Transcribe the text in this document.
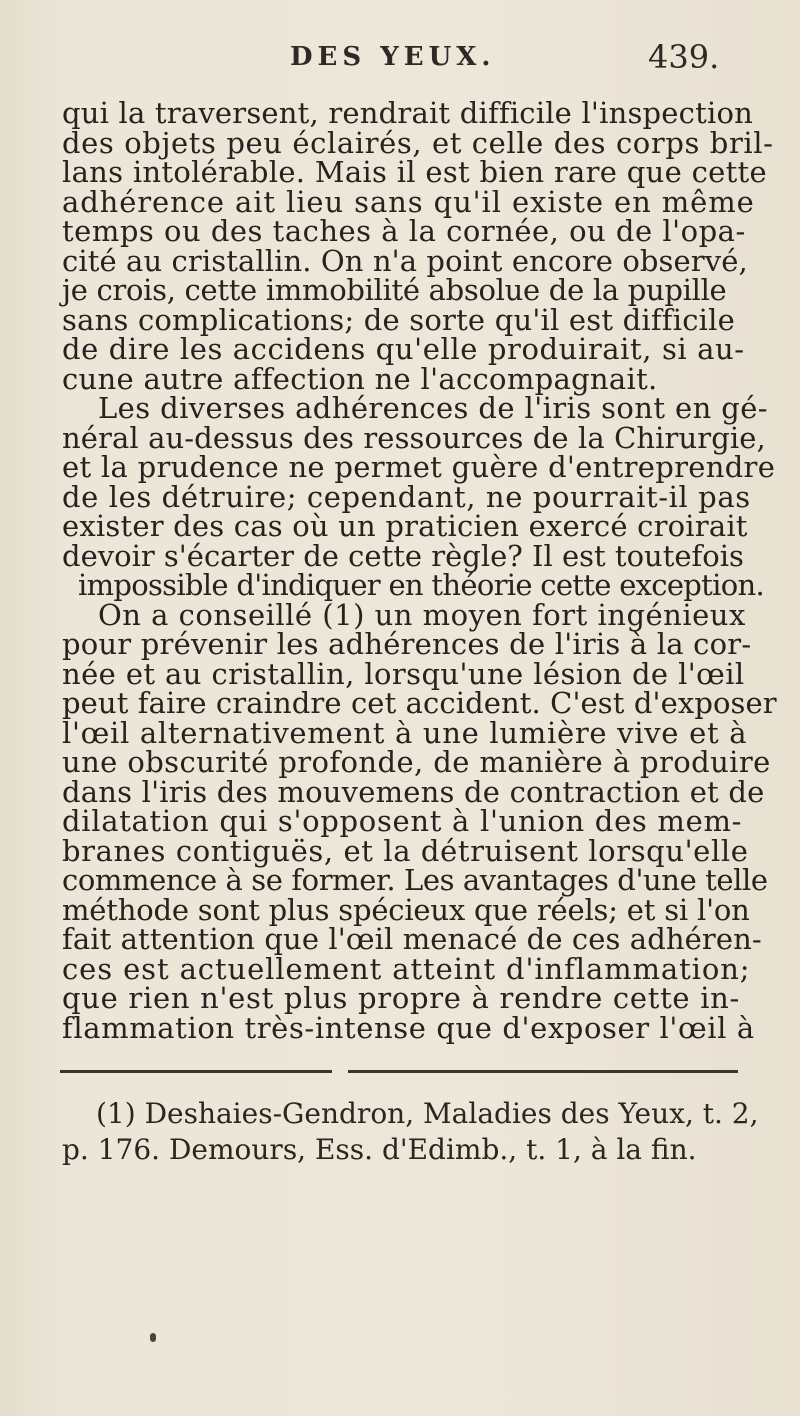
DES YEUX.	439.
qui la traversent, rendrait difficile l'inspection
des objets peu éclairés, et celle des corps bril-
lans intolérable. Mais il est bien rare que cette
adhérence ait lieu sans qu'il existe en même
temps ou des taches à la cornée, ou de l'opa-
cité au cristallin. On n'a point encore observé,
je crois, cette immobilité absolue de la pupille
sans complications; de sorte qu'il est difficile
de dire les accidens qu'elle produirait, si au-
cune autre affection ne l'accompagnait.
Les diverses adhérences de l'iris sont en gé-
néral au-dessus des ressources de la Chirurgie,
et la prudence ne permet guère d'entreprendre
de les détruire; cependant, ne pourrait-il pas
exister des cas où un praticien exercé croirait
devoir s'écarter de cette règle? Il est toutefois
impossible d'indiquer en théorie cette exception.
On a conseillé (1) un moyen fort ingénieux
pour prévenir les adhérences de l'iris à la cor-
née et au cristallin, lorsqu'une lésion de l'œil
peut faire craindre cet accident. C'est d'exposer
l'œil alternativement à une lumière vive et à
une obscurité profonde, de manière à produire
dans l'iris des mouvemens de contraction et de
dilatation qui s'opposent à l'union des mem-
branes contiguës, et la détruisent lorsqu'elle
commence à se former. Les avantages d'une telle
méthode sont plus spécieux que réels; et si l'on
fait attention que l'œil menacé de ces adhéren-
ces est actuellement atteint d'inflammation;
que rien n'est plus propre à rendre cette in-
flammation très-intense que d'exposer l'œil à
(1) Deshaies-Gendron, Maladies des Yeux, t. 2,
p. 176. Demours, Ess. d'Edimb., t. 1, à la fin.
